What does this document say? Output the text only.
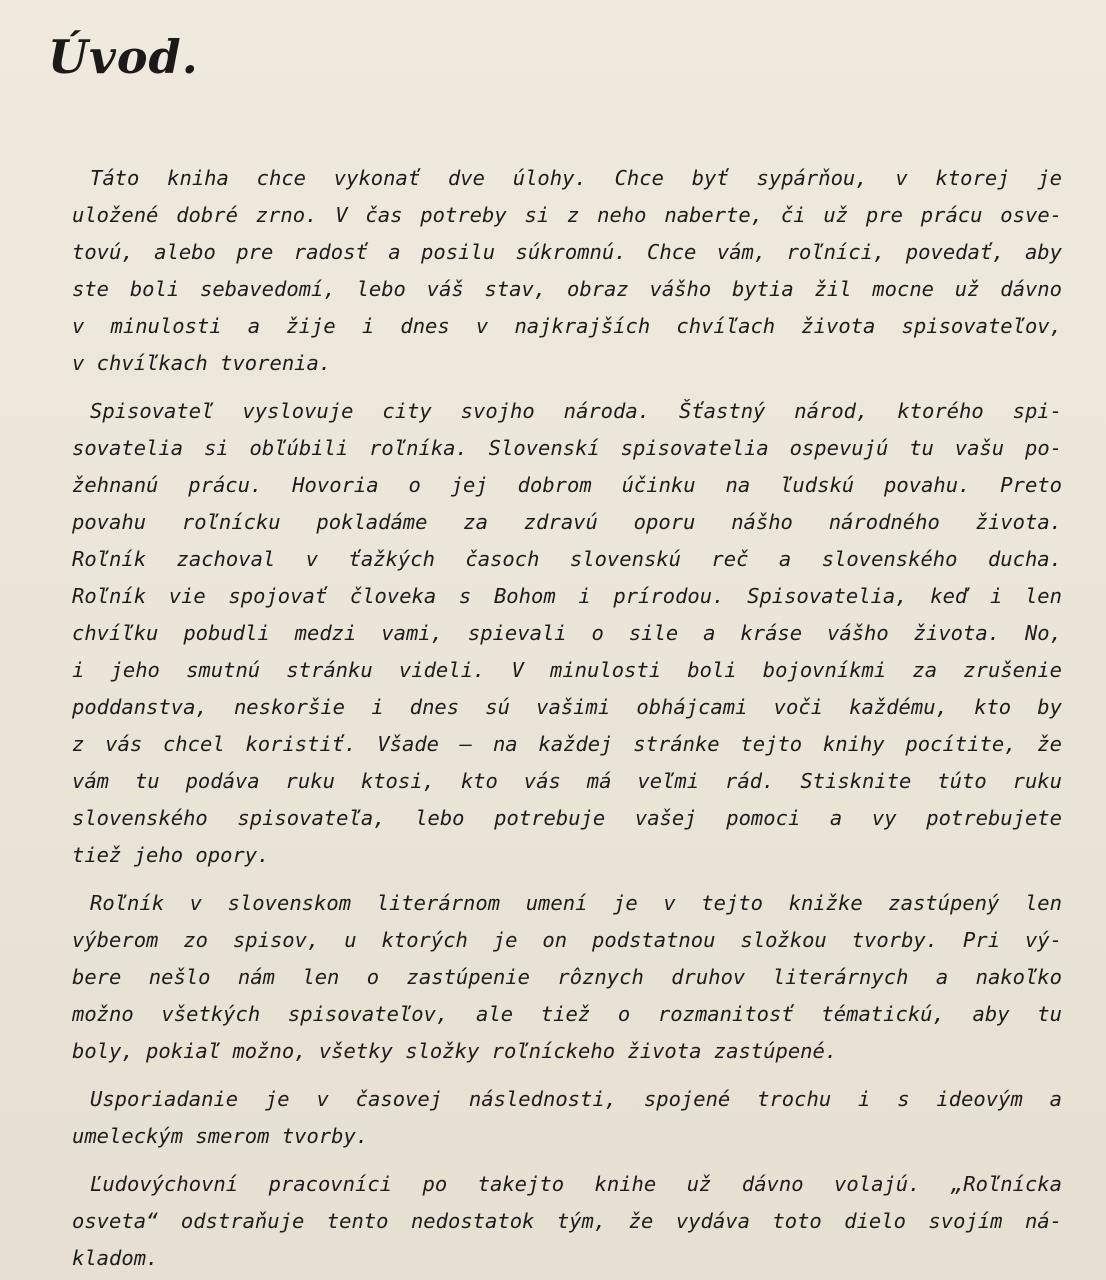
Úvod.
Táto kniha chce vykonať dve úlohy. Chce byť sypárňou, v ktorej je
uložené dobré zrno. V čas potreby si z neho naberte, či už pre prácu osve-
tovú, alebo pre radosť a posilu súkromnú. Chce vám, roľníci, povedať, aby
ste boli sebavedomí, lebo váš stav, obraz vášho bytia žil mocne už dávno
v minulosti a žije i dnes v najkrajších chvíľach života spisovateľov,
v chvíľkach tvorenia.
Spisovateľ vyslovuje city svojho národa. Šťastný národ, ktorého spi-
sovatelia si obľúbili roľníka. Slovenskí spisovatelia ospevujú tu vašu po-
žehnanú prácu. Hovoria o jej dobrom účinku na ľudskú povahu. Preto
povahu roľnícku pokladáme za zdravú oporu nášho národného života.
Roľník zachoval v ťažkých časoch slovenskú reč a slovenského ducha.
Roľník vie spojovať človeka s Bohom i prírodou. Spisovatelia, keď i len
chvíľku pobudli medzi vami, spievali o sile a kráse vášho života. No,
i jeho smutnú stránku videli. V minulosti boli bojovníkmi za zrušenie
poddanstva, neskoršie i dnes sú vašimi obhájcami voči každému, kto by
z vás chcel koristiť. Všade — na každej stránke tejto knihy pocítite, že
vám tu podáva ruku ktosi, kto vás má veľmi rád. Stisknite túto ruku
slovenského spisovateľa, lebo potrebuje vašej pomoci a vy potrebujete
tiež jeho opory.
Roľník v slovenskom literárnom umení je v tejto knižke zastúpený len
výberom zo spisov, u ktorých je on podstatnou složkou tvorby. Pri vý-
bere nešlo nám len o zastúpenie rôznych druhov literárnych a nakoľko
možno všetkých spisovateľov, ale tiež o rozmanitosť tématickú, aby tu
boly, pokiaľ možno, všetky složky roľníckeho života zastúpené.
Usporiadanie je v časovej následnosti, spojené trochu i s ideovým a
umeleckým smerom tvorby.
Ľudovýchovní pracovníci po takejto knihe už dávno volajú. „Roľnícka
osveta“ odstraňuje tento nedostatok tým, že vydáva toto dielo svojím ná-
kladom.
